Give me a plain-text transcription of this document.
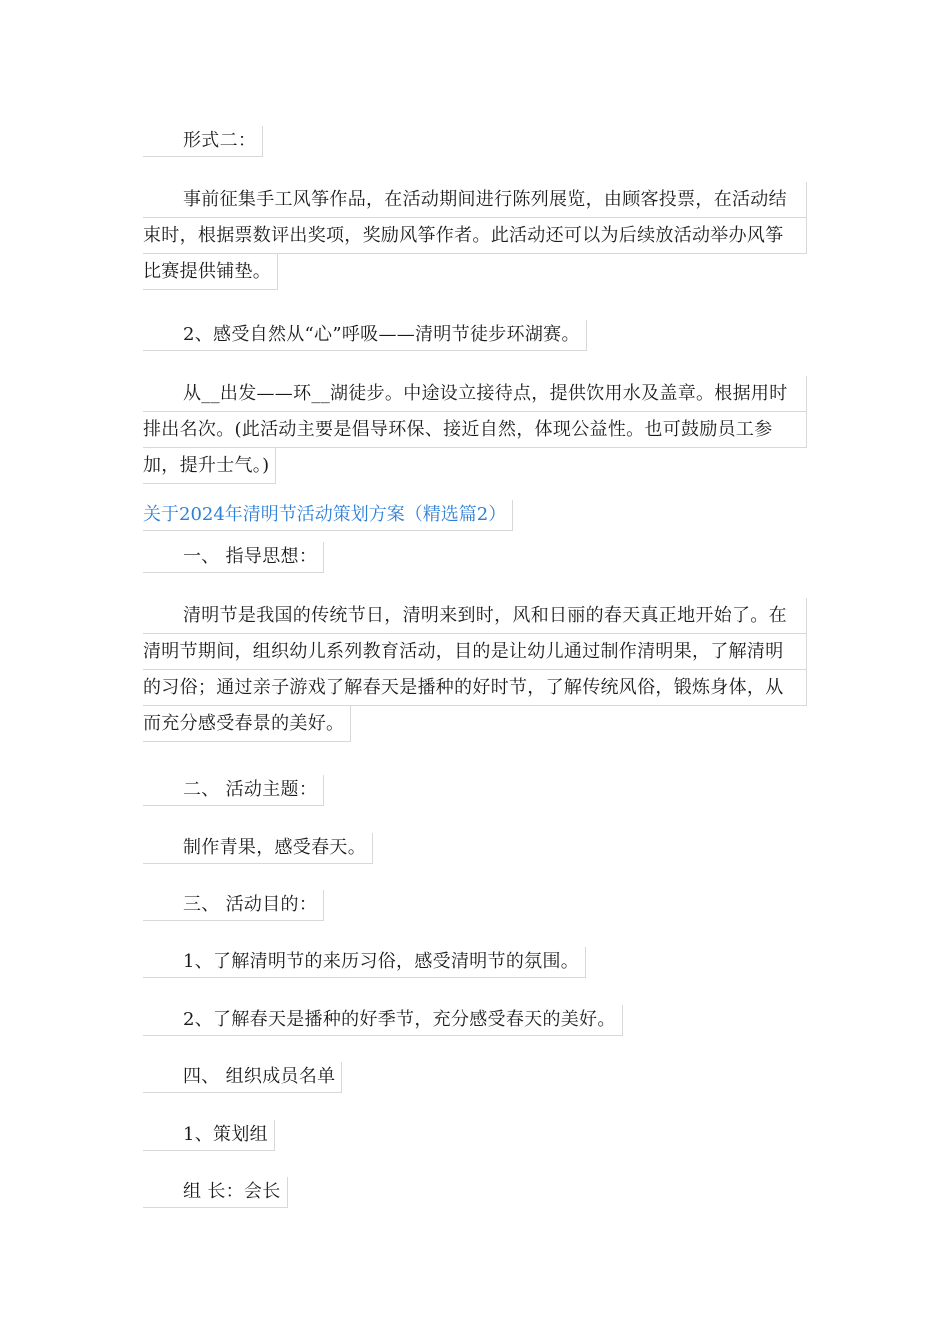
形式二：
事前征集手工风筝作品，在活动期间进行陈列展览，由顾客投票，在活动结
束时，根据票数评出奖项，奖励风筝作者。此活动还可以为后续放活动举办风筝
比赛提供铺垫。
2、感受自然从“心”呼吸——清明节徒步环湖赛。
从__出发——环__湖徒步。中途设立接待点，提供饮用水及盖章。根据用时
排出名次。(此活动主要是倡导环保、接近自然，体现公益性。也可鼓励员工参
加，提升士气。)
关于2024年清明节活动策划方案（精选篇2）
一、 指导思想：
清明节是我国的传统节日，清明来到时，风和日丽的春天真正地开始了。在
清明节期间，组织幼儿系列教育活动，目的是让幼儿通过制作清明果，了解清明
的习俗；通过亲子游戏了解春天是播种的好时节，了解传统风俗，锻炼身体，从
而充分感受春景的美好。
二、 活动主题：
制作青果，感受春天。
三、 活动目的：
1、了解清明节的来历习俗，感受清明节的氛围。
2、了解春天是播种的好季节，充分感受春天的美好。
四、 组织成员名单
1、策划组
组 长：会长
